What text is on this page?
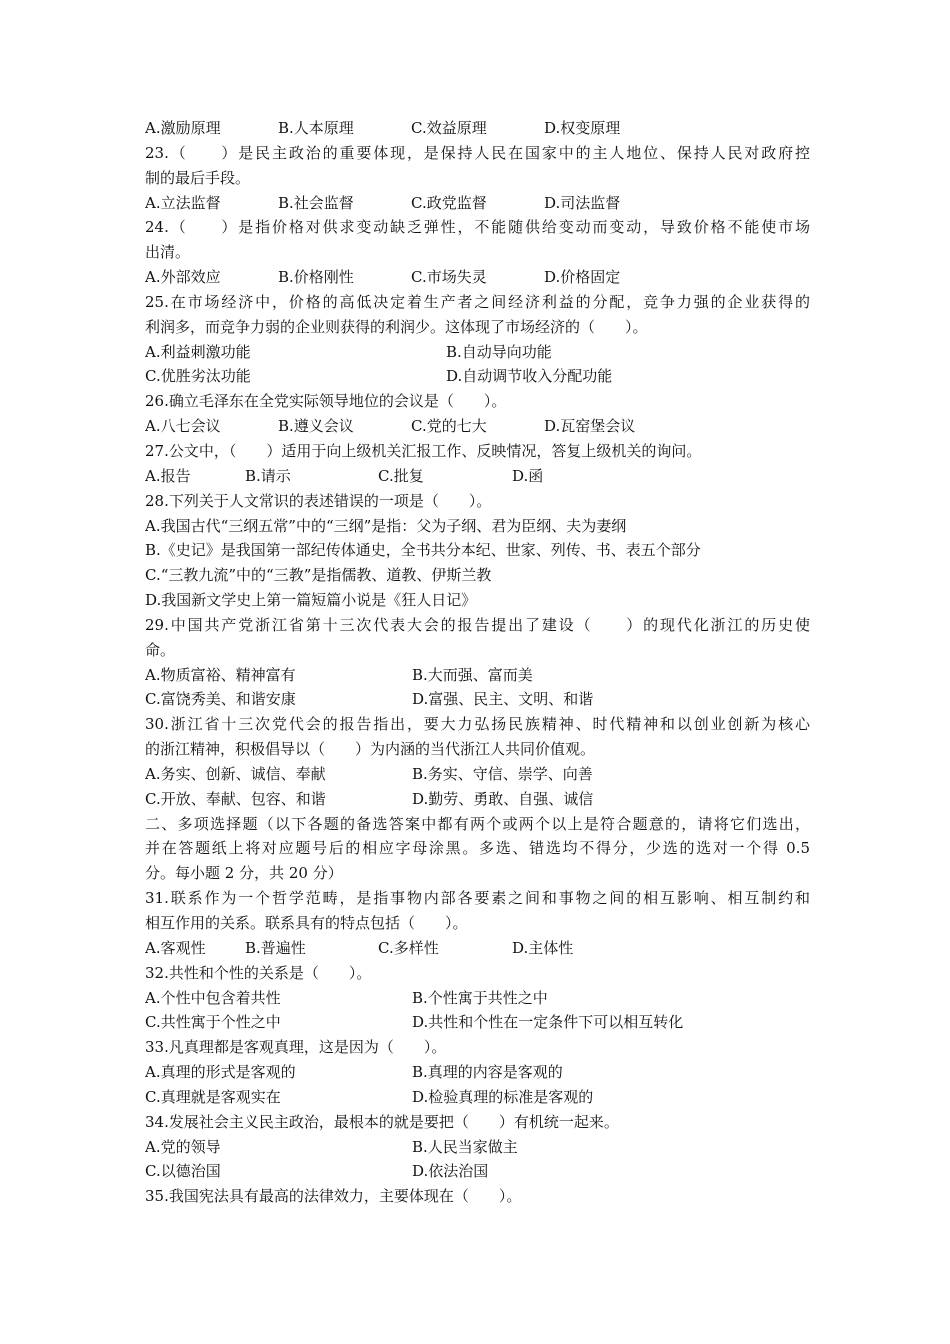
A.激励原理	B.人本原理	C.效益原理	D.权变原理
23.（　　）是民主政治的重要体现，是保持人民在国家中的主人地位、保持人民对政府控
制的最后手段。
A.立法监督	B.社会监督	C.政党监督	D.司法监督
24.（　　）是指价格对供求变动缺乏弹性，不能随供给变动而变动，导致价格不能使市场
出清。
A.外部效应	B.价格刚性	C.市场失灵	D.价格固定
25.在市场经济中，价格的高低决定着生产者之间经济利益的分配，竞争力强的企业获得的
利润多，而竞争力弱的企业则获得的利润少。这体现了市场经济的（　　）。
A.利益刺激功能	B.自动导向功能
C.优胜劣汰功能	D.自动调节收入分配功能
26.确立毛泽东在全党实际领导地位的会议是（　　）。
A.八七会议	B.遵义会议	C.党的七大	D.瓦窑堡会议
27.公文中，（　　）适用于向上级机关汇报工作、反映情况，答复上级机关的询问。
A.报告	B.请示	C.批复	D.函
28.下列关于人文常识的表述错误的一项是（　　）。
A.我国古代“三纲五常”中的“三纲”是指：父为子纲、君为臣纲、夫为妻纲
B.《史记》是我国第一部纪传体通史，全书共分本纪、世家、列传、书、表五个部分
C.“三教九流”中的“三教”是指儒教、道教、伊斯兰教
D.我国新文学史上第一篇短篇小说是《狂人日记》
29.中国共产党浙江省第十三次代表大会的报告提出了建设（　　）的现代化浙江的历史使
命。
A.物质富裕、精神富有	B.大而强、富而美
C.富饶秀美、和谐安康	D.富强、民主、文明、和谐
30.浙江省十三次党代会的报告指出，要大力弘扬民族精神、时代精神和以创业创新为核心
的浙江精神，积极倡导以（　　）为内涵的当代浙江人共同价值观。
A.务实、创新、诚信、奉献	B.务实、守信、崇学、向善
C.开放、奉献、包容、和谐	D.勤劳、勇敢、自强、诚信
二、多项选择题（以下各题的备选答案中都有两个或两个以上是符合题意的，请将它们选出，
并在答题纸上将对应题号后的相应字母涂黑。多选、错选均不得分，少选的选对一个得 0.5
分。每小题 2 分，共 20 分）
31.联系作为一个哲学范畴，是指事物内部各要素之间和事物之间的相互影响、相互制约和
相互作用的关系。联系具有的特点包括（　　）。
A.客观性	B.普遍性	C.多样性	D.主体性
32.共性和个性的关系是（　　）。
A.个性中包含着共性	B.个性寓于共性之中
C.共性寓于个性之中	D.共性和个性在一定条件下可以相互转化
33.凡真理都是客观真理，这是因为（　　）。
A.真理的形式是客观的	B.真理的内容是客观的
C.真理就是客观实在	D.检验真理的标准是客观的
34.发展社会主义民主政治，最根本的就是要把（　　）有机统一起来。
A.党的领导	B.人民当家做主
C.以德治国	D.依法治国
35.我国宪法具有最高的法律效力，主要体现在（　　）。
